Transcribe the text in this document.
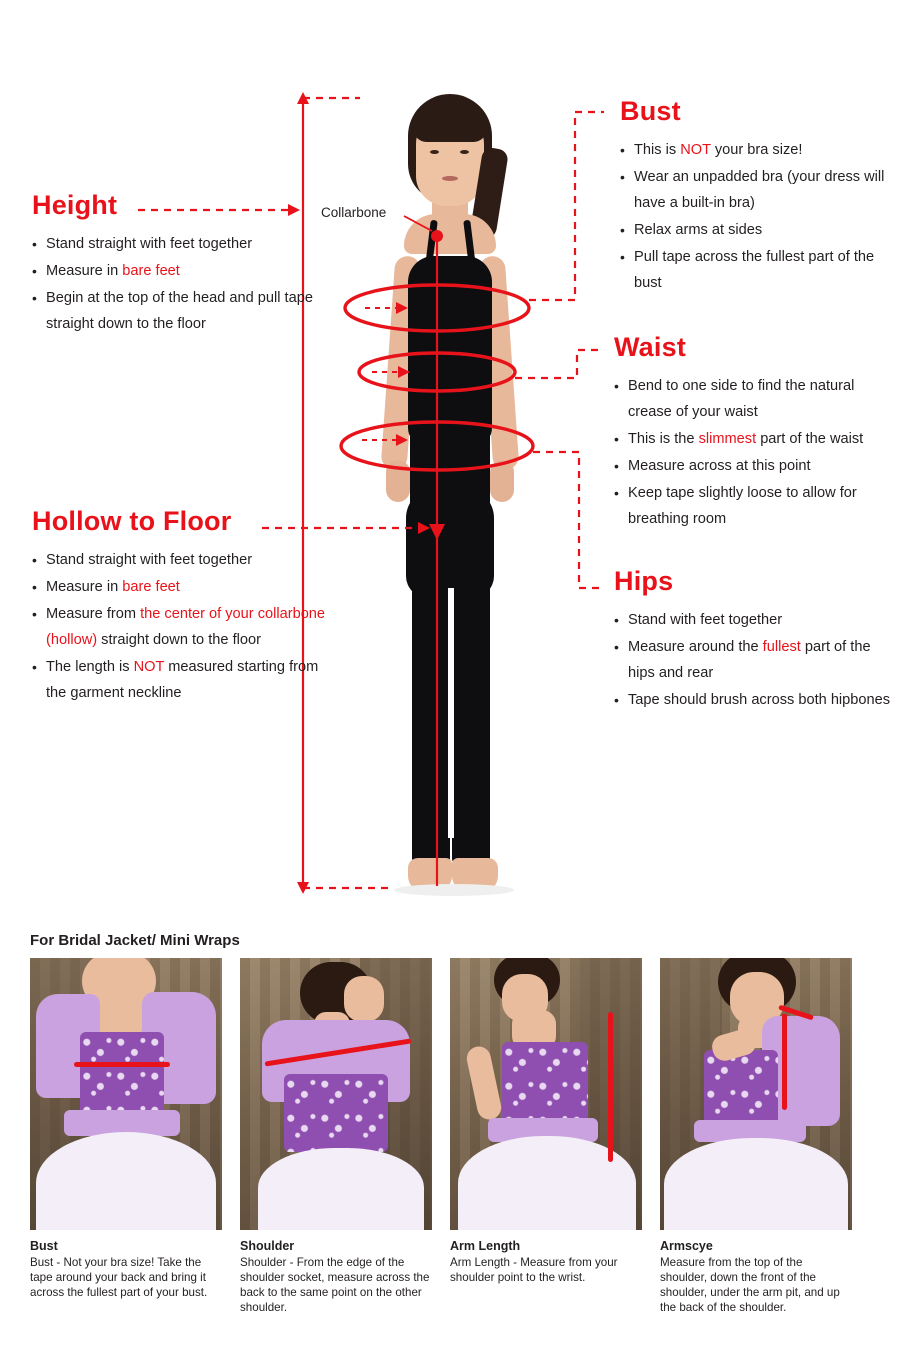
Collarbone
Height
• Stand straight with feet together
• Measure in bare feet
• Begin at the top of the head and pull tape straight down to the floor
Hollow to Floor
• Stand straight with feet together
• Measure in bare feet
• Measure from the center of your collarbone (hollow) straight down to the floor
• The length is NOT measured starting from the garment neckline
Bust
• This is NOT your bra size!
• Wear an unpadded bra (your dress will have a built-in bra)
• Relax arms at sides
• Pull tape across the fullest part of the bust
Waist
• Bend to one side to find the natural crease of your waist
• This is the slimmest part of the waist
• Measure across at this point
• Keep tape slightly loose to allow for breathing room
Hips
• Stand with feet together
• Measure around the fullest part of the hips and rear
• Tape should brush across both hipbones
For Bridal Jacket/ Mini Wraps
Bust

Bust - Not your bra size! Take the tape around your back and bring it across the fullest part of your bust.

Shoulder

Shoulder - From the edge of the shoulder socket, measure across the back to the same point on the other shoulder.

Arm Length

Arm Length - Measure from your shoulder point to the wrist.

Armscye

Measure from the top of the shoulder, down the front of the shoulder, under the arm pit, and up the back of the shoulder.
